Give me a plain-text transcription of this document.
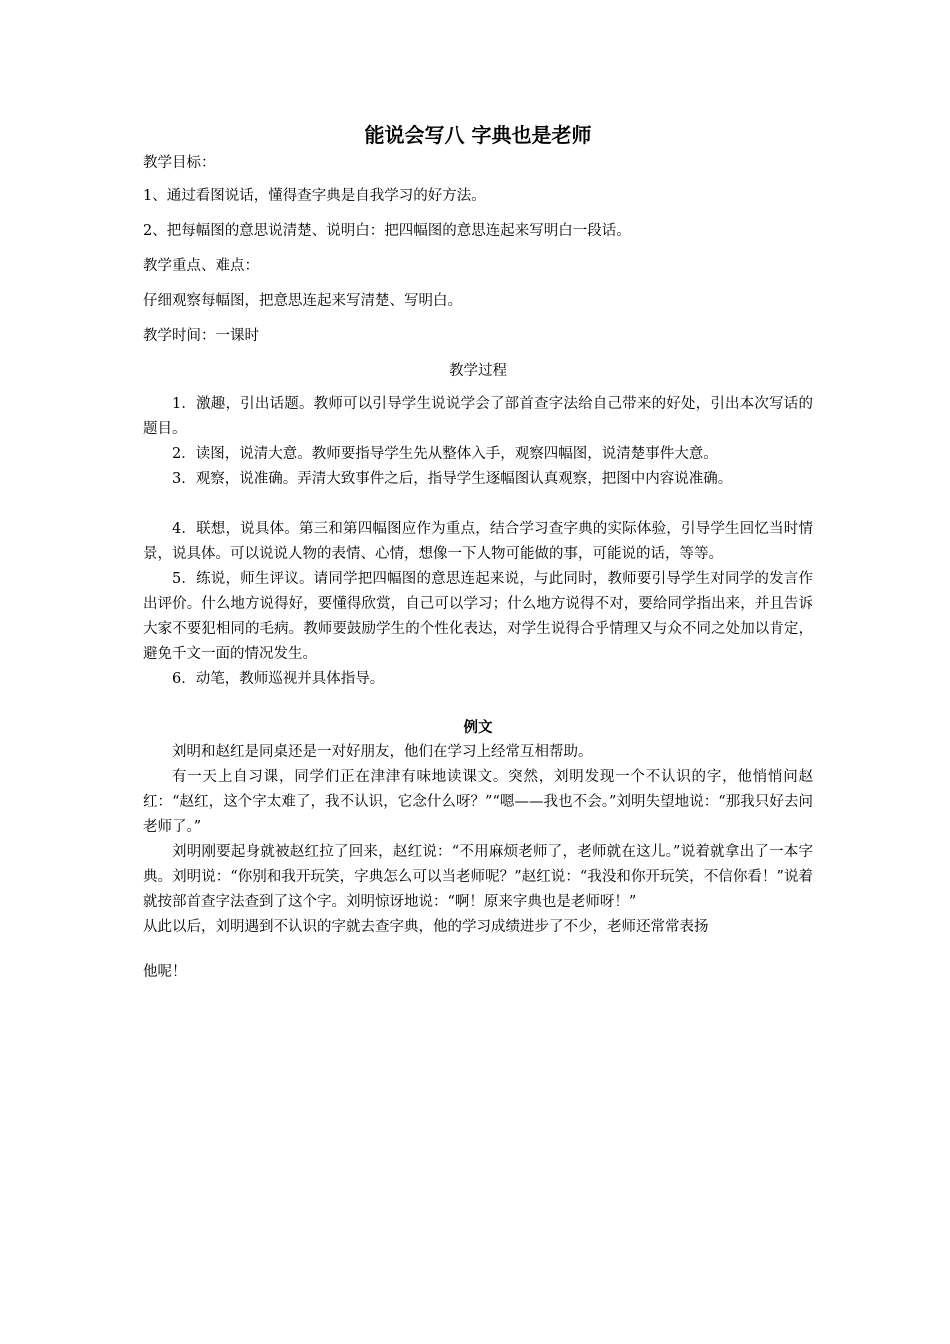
能说会写八 字典也是老师

教学目标：

1、通过看图说话，懂得查字典是自我学习的好方法。

2、把每幅图的意思说清楚、说明白：把四幅图的意思连起来写明白一段话。

教学重点、难点：

仔细观察每幅图，把意思连起来写清楚、写明白。

教学时间：一课时

教学过程

1．激趣，引出话题。教师可以引导学生说说学会了部首查字法给自己带来的好处，引出本次写话的题目。

2．读图，说清大意。教师要指导学生先从整体入手，观察四幅图，说清楚事件大意。

3．观察，说准确。弄清大致事件之后，指导学生逐幅图认真观察，把图中内容说准确。

4．联想，说具体。第三和第四幅图应作为重点，结合学习查字典的实际体验，引导学生回忆当时情景，说具体。可以说说人物的表情、心情，想像一下人物可能做的事，可能说的话，等等。

5．练说，师生评议。请同学把四幅图的意思连起来说，与此同时，教师要引导学生对同学的发言作出评价。什么地方说得好，要懂得欣赏，自己可以学习；什么地方说得不对，要给同学指出来，并且告诉大家不要犯相同的毛病。教师要鼓励学生的个性化表达，对学生说得合乎情理又与众不同之处加以肯定，避免千文一面的情况发生。

6．动笔，教师巡视并具体指导。

例文

刘明和赵红是同桌还是一对好朋友，他们在学习上经常互相帮助。

有一天上自习课，同学们正在津津有味地读课文。突然，刘明发现一个不认识的字，他悄悄问赵红：“赵红，这个字太难了，我不认识，它念什么呀？”“嗯——我也不会。”刘明失望地说：“那我只好去问老师了。”

刘明刚要起身就被赵红拉了回来，赵红说：“不用麻烦老师了，老师就在这儿。”说着就拿出了一本字典。刘明说：“你别和我开玩笑，字典怎么可以当老师呢？”赵红说：“我没和你开玩笑，不信你看！”说着就按部首查字法查到了这个字。刘明惊讶地说：“啊！原来字典也是老师呀！”

从此以后，刘明遇到不认识的字就去查字典，他的学习成绩进步了不少，老师还常常表扬

他呢！
